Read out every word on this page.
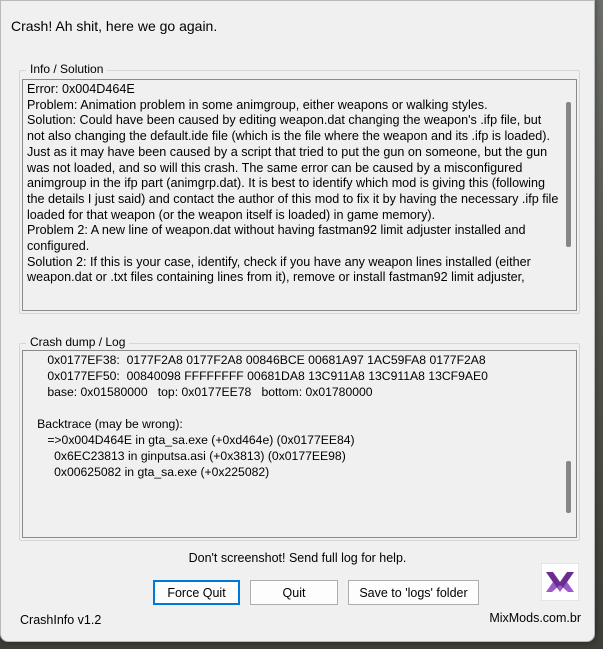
Crash! Ah shit, here we go again.
Info / Solution

Error: 0x004D464E

Problem: Animation problem in some animgroup, either weapons or walking styles.

Solution: Could have been caused by editing weapon.dat changing the weapon's .ifp file, but not also changing the default.ide file (which is the file where the weapon and its .ifp is loaded). Just as it may have been caused by a script that tried to put the gun on someone, but the gun was not loaded, and so will this crash. The same error can be caused by a misconfigured animgroup in the ifp part (animgrp.dat). It is best to identify which mod is giving this (following the details I just said) and contact the author of this mod to fix it by having the necessary .ifp file loaded for that weapon (or the weapon itself is loaded) in game memory).

Problem 2: A new line of weapon.dat without having fastman92 limit adjuster installed and configured.

Solution 2: If this is your case, identify, check if you have any weapon lines installed (either weapon.dat or .txt files containing lines from it), remove or install fastman92 limit adjuster,

Crash dump / Log
0x0177EF38:  0177F2A8 0177F2A8 00846BCE 00681A97 1AC59FA8 0177F2A8
0x0177EF50:  00840098 FFFFFFFF 00681DA8 13C911A8 13C911A8 13CF9AE0
base: 0x01580000   top: 0x0177EE78   bottom: 0x01780000
Backtrace (may be wrong):
=>0x004D464E in gta_sa.exe (+0xd464e) (0x0177EE84)
0x6EC23813 in ginputsa.asi (+0x3813) (0x0177EE98)
0x00625082 in gta_sa.exe (+0x225082)
Don't screenshot! Send full log for help.
Force Quit	Quit	Save to 'logs' folder
CrashInfo v1.2	MixMods.com.br
